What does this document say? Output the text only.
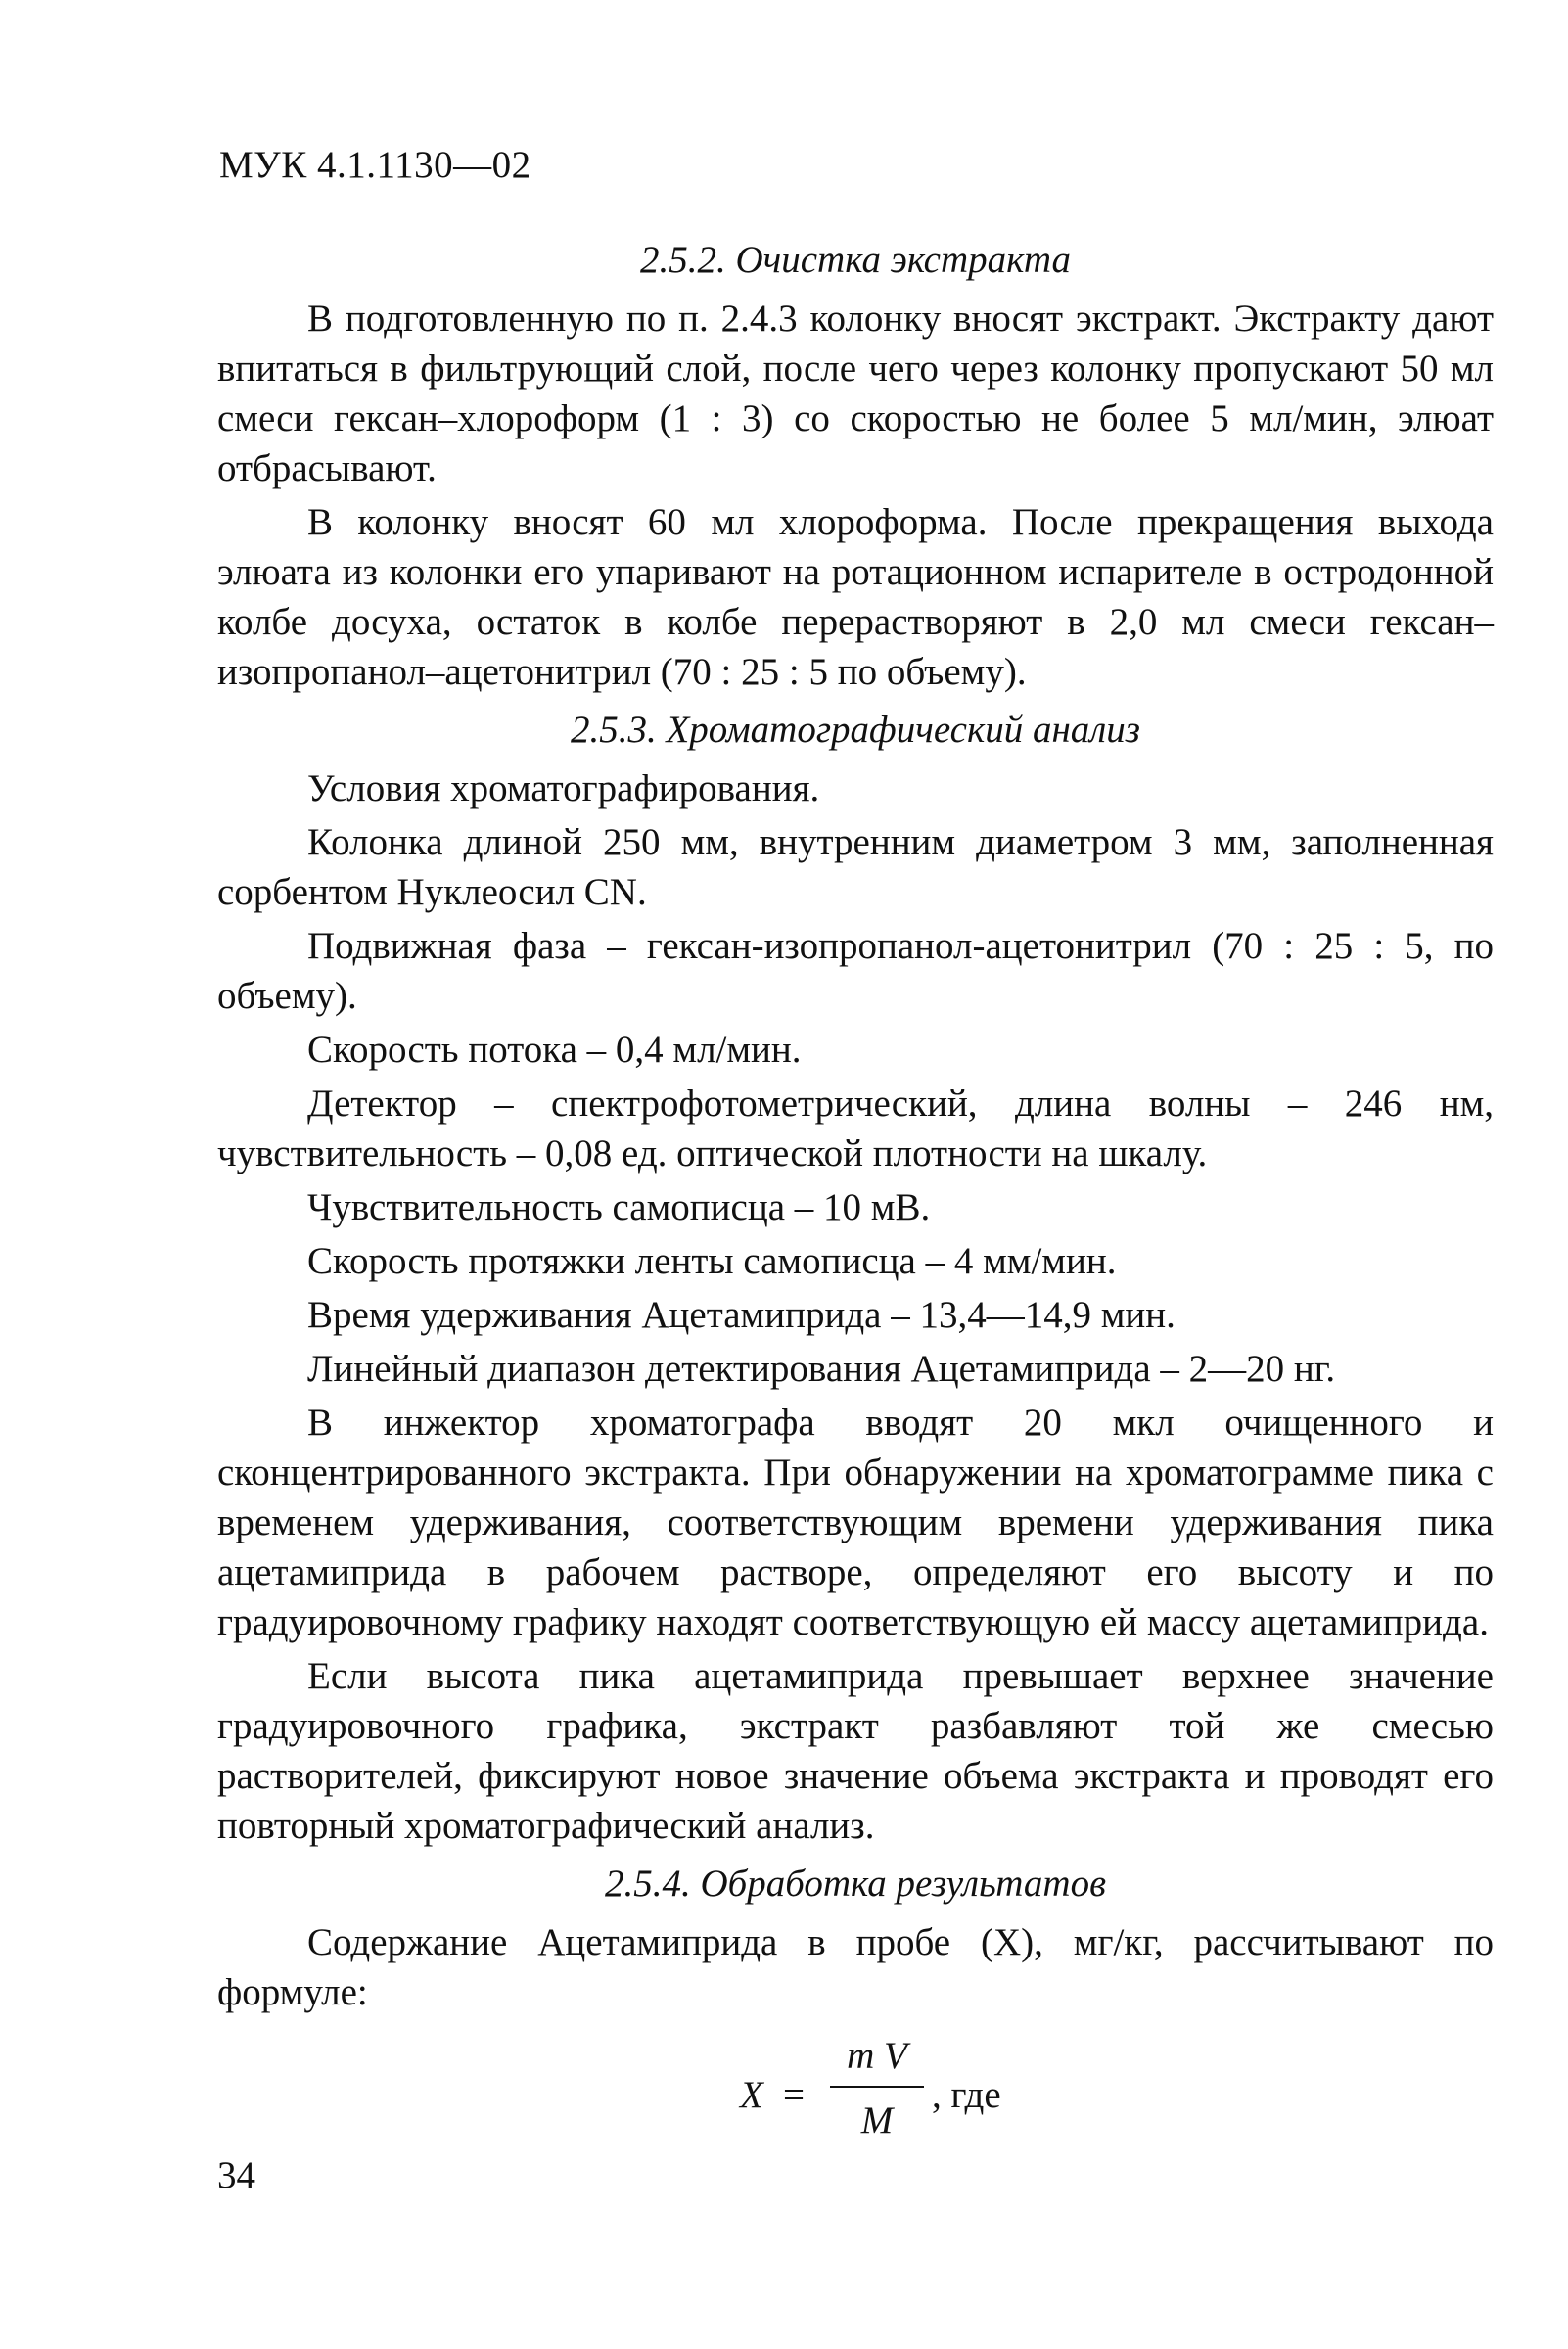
МУК 4.1.1130—02
2.5.2. Очистка экстракта

В подготовленную по п. 2.4.3 колонку вносят экстракт. Экстракту дают впитаться в фильтрующий слой, после чего через колонку пропускают 50 мл смеси гексан–хлороформ (1 : 3) со скоростью не более 5 мл/мин, элюат отбрасывают.

В колонку вносят 60 мл хлороформа. После прекращения выхода элюата из колонки его упаривают на ротационном испарителе в остродонной колбе досуха, остаток в колбе перерастворяют в 2,0 мл смеси гексан–изопропанол–ацетонитрил (70 : 25 : 5 по объему).

2.5.3. Хроматографический анализ

Условия хроматографирования.

Колонка длиной 250 мм, внутренним диаметром 3 мм, заполненная сорбентом Нуклеосил CN.

Подвижная фаза – гексан-изопропанол-ацетонитрил (70 : 25 : 5, по объему).

Скорость потока – 0,4 мл/мин.

Детектор – спектрофотометрический, длина волны – 246 нм, чувствительность – 0,08 ед. оптической плотности на шкалу.

Чувствительность самописца – 10 мВ.

Скорость протяжки ленты самописца – 4 мм/мин.

Время удерживания Ацетамиприда – 13,4—14,9 мин.

Линейный диапазон детектирования Ацетамиприда – 2—20 нг.

В инжектор хроматографа вводят 20 мкл очищенного и сконцентрированного экстракта. При обнаружении на хроматограмме пика с временем удерживания, соответствующим времени удерживания пика ацетамиприда в рабочем растворе, определяют его высоту и по градуировочному графику находят соответствующую ей массу ацетамиприда.

Если высота пика ацетамиприда превышает верхнее значение градуировочного графика, экстракт разбавляют той же смесью растворителей, фиксируют новое значение объема экстракта и проводят его повторный хроматографический анализ.

2.5.4. Обработка результатов

Содержание Ацетамиприда в пробе (X), мг/кг, рассчитывают по формуле:

X =
m V
M
, где
34
